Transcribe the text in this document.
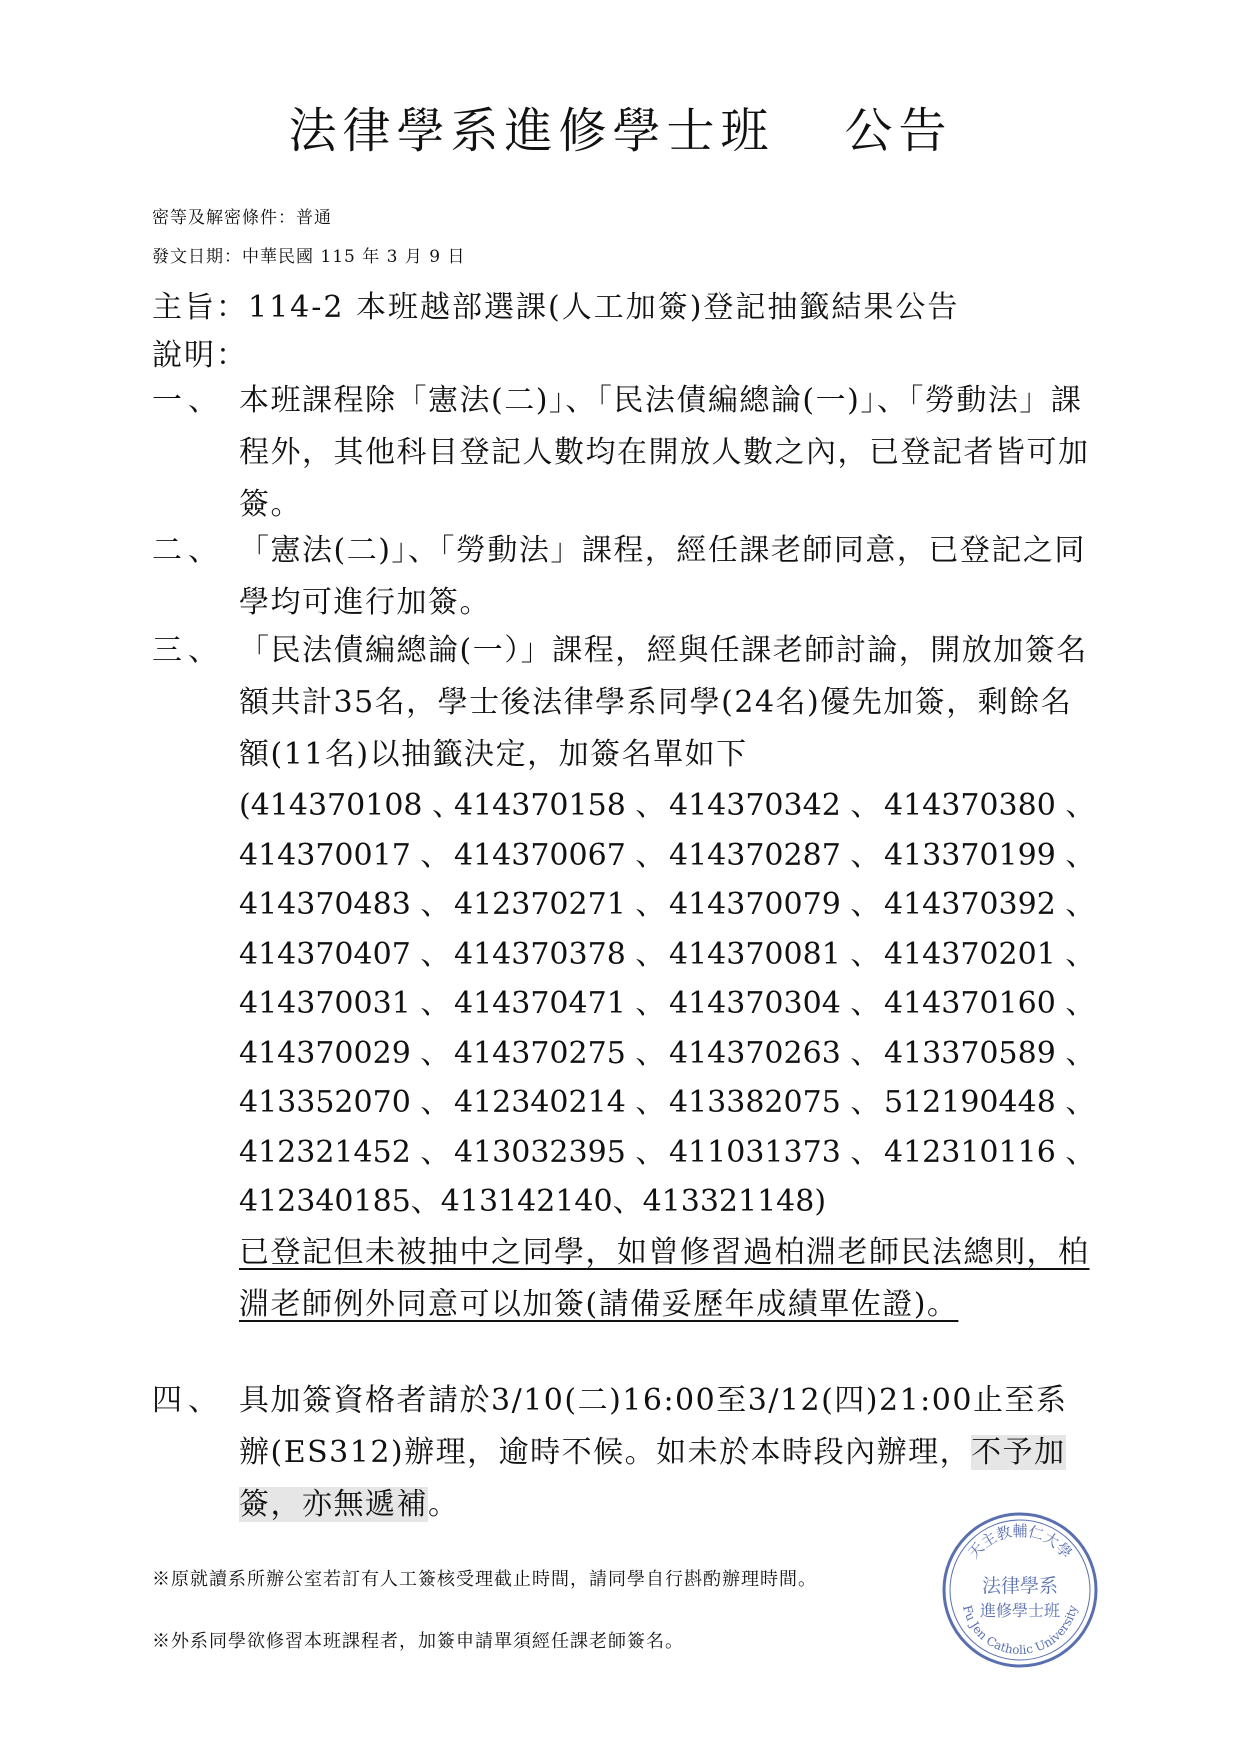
法律學系進修學士班 公告
密等及解密條件：普通
發文日期：中華民國 115 年 3 月 9 日
主旨：114-2 本班越部選課(人工加簽)登記抽籤結果公告
說明：
一、 本班課程除「憲法(二)」、「民法債編總論(一)」、「勞動法」課程外，其他科目登記人數均在開放人數之內，已登記者皆可加簽。
二、 「憲法(二)」、「勞動法」課程，經任課老師同意，已登記之同學均可進行加簽。
三、 「民法債編總論(一）」課程，經與任課老師討論，開放加簽名額共計35名，學士後法律學系同學(24名)優先加簽，剩餘名額(11名)以抽籤決定，加簽名單如下
(414370108 、
414370158 、 414370342 、 414370380 、
414370017 、 414370067 、 414370287 、 413370199 、
414370483 、 412370271 、 414370079 、 414370392 、
414370407 、 414370378 、 414370081 、 414370201 、
414370031 、 414370471 、 414370304 、 414370160 、
414370029 、 414370275 、 414370263 、 413370589 、
413352070 、 412340214 、 413382075 、 512190448 、
412321452 、 413032395 、 411031373 、 412310116 、
412340185、413142140、413321148)
已登記但未被抽中之同學，如曾修習過柏淵老師民法總則，柏淵老師例外同意可以加簽(請備妥歷年成績單佐證)。
四、 具加簽資格者請於3/10(二)16:00至3/12(四)21:00止至系辦(ES312)辦理，逾時不候。如未於本時段內辦理，不予加簽，亦無遞補。
※原就讀系所辦公室若訂有人工簽核受理截止時間，請同學自行斟酌辦理時間。
※外系同學欲修習本班課程者，加簽申請單須經任課老師簽名。
天主教輔仁大學
Fu Jen Catholic University
法律學系
進修學士班
